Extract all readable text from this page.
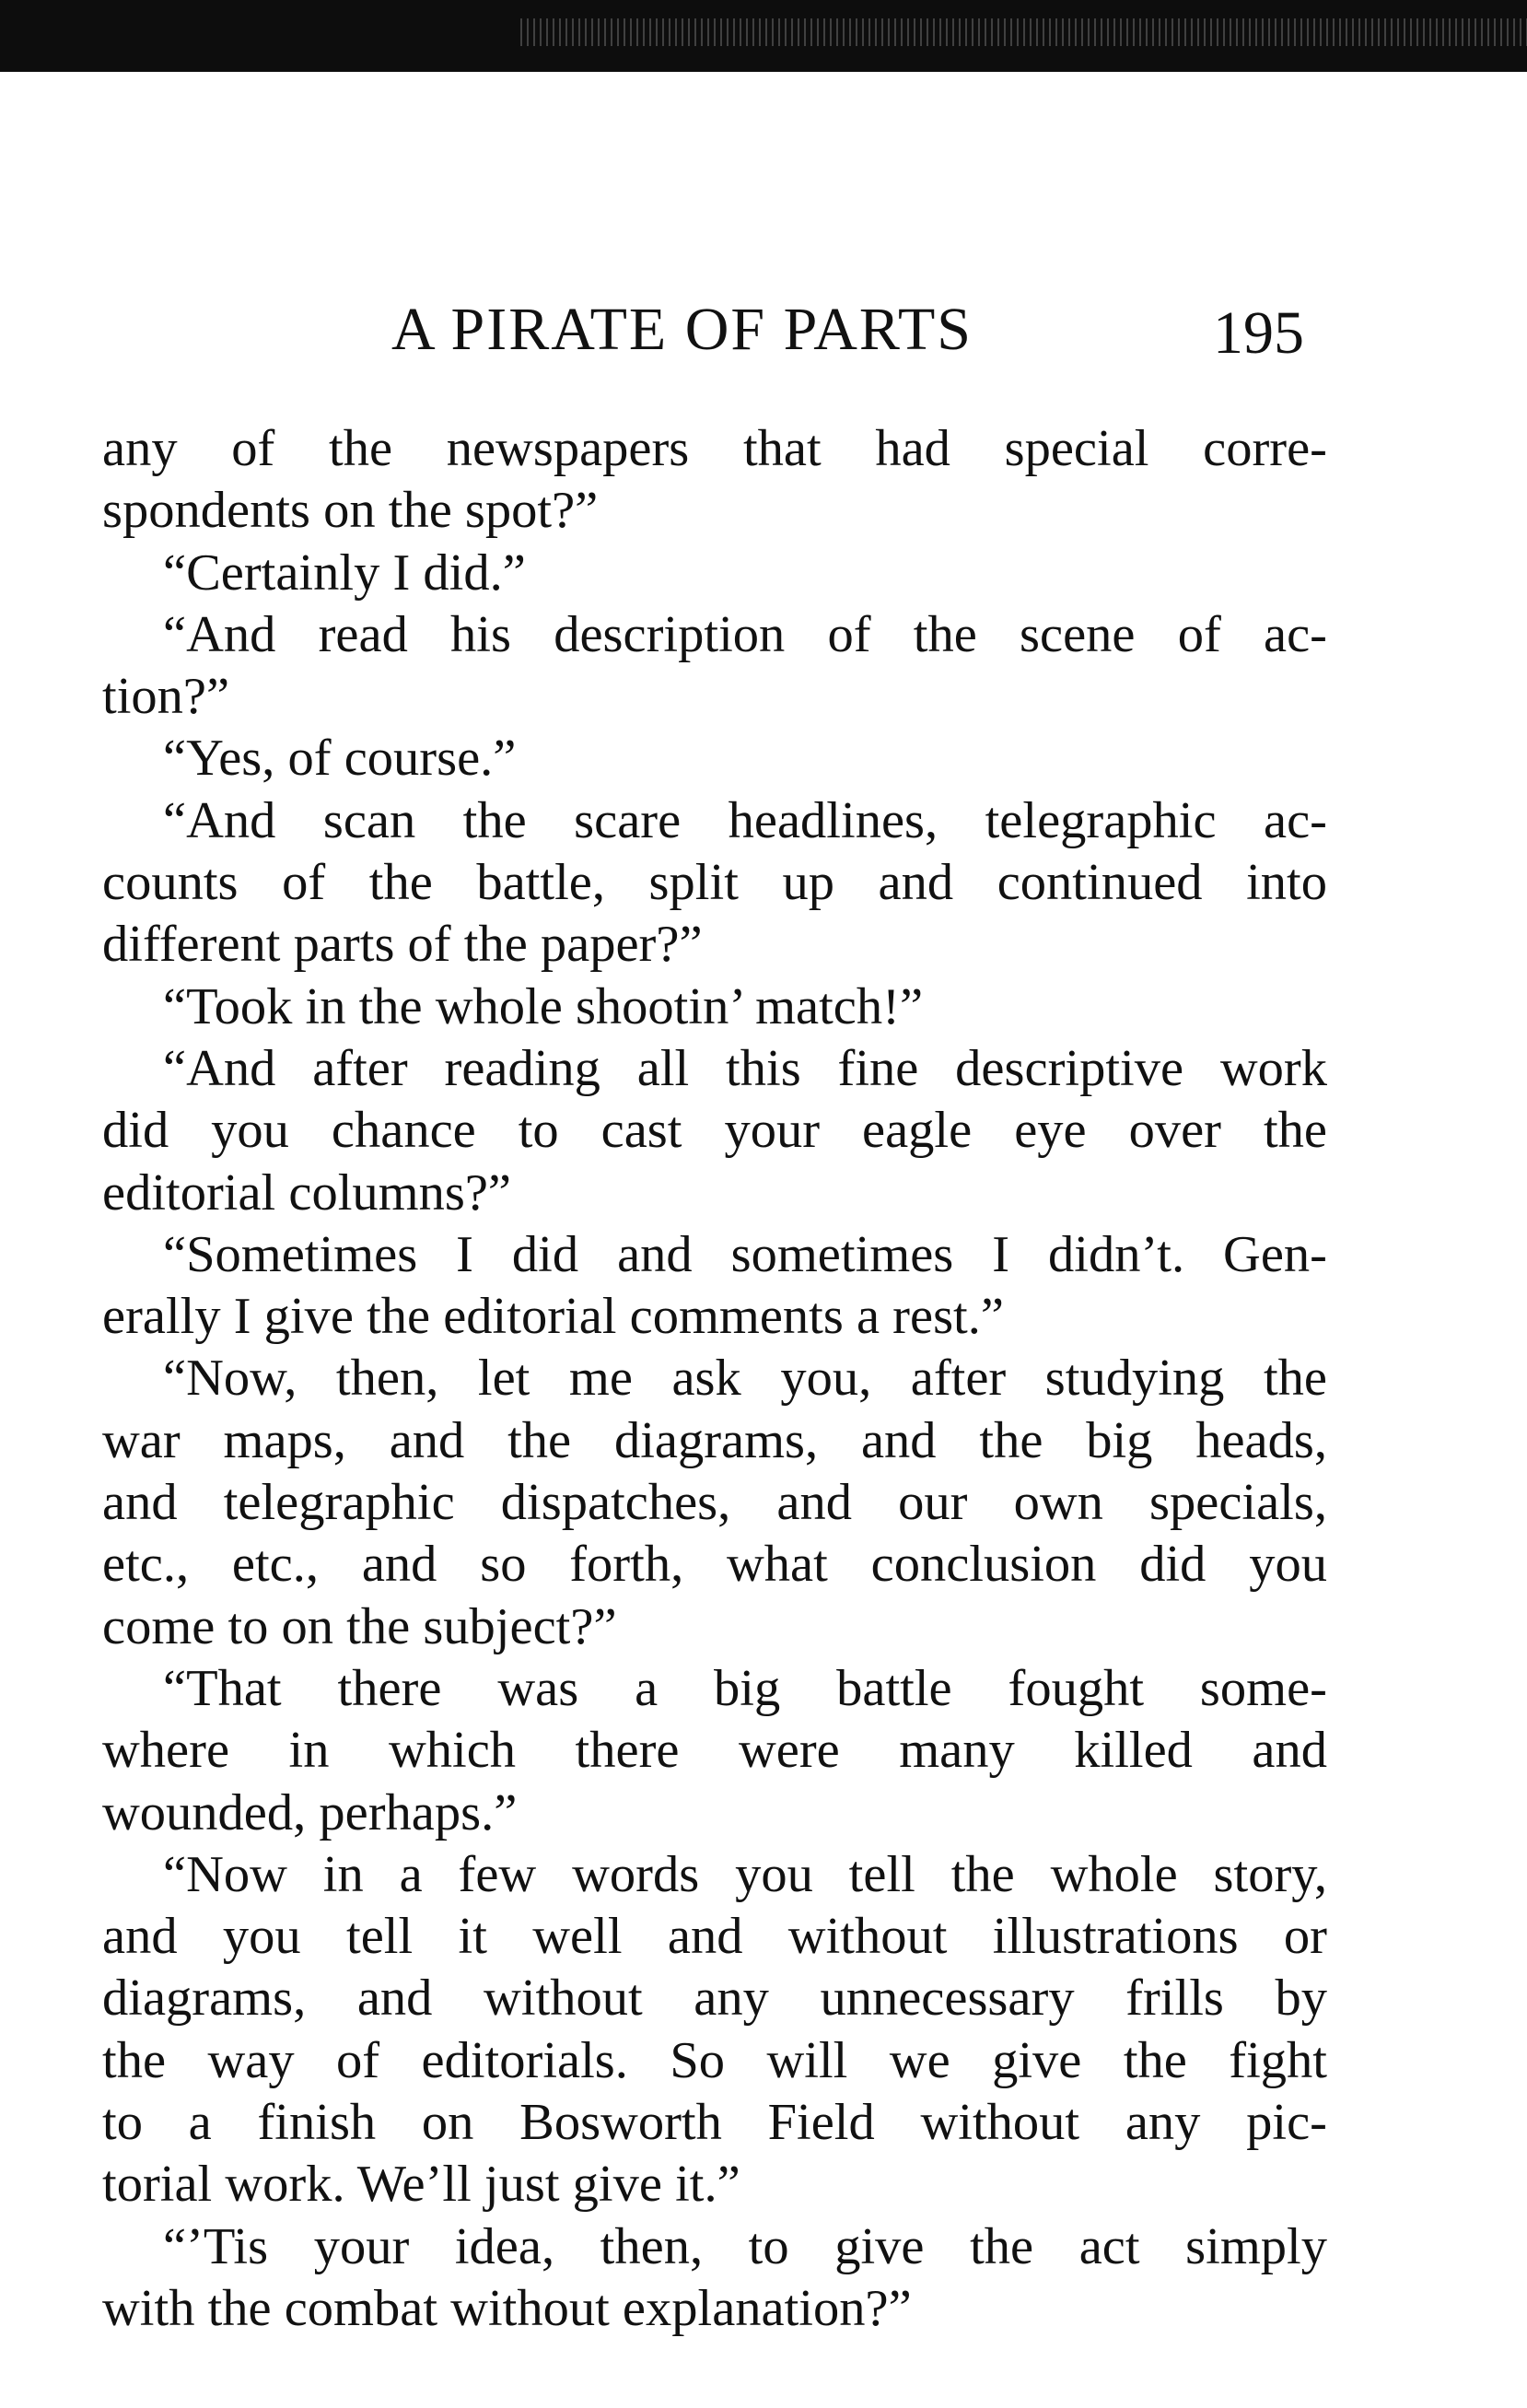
A PIRATE OF PARTS	195
any of the newspapers that had special corre-
spondents on the spot?”
“Certainly I did.”
“And read his description of the scene of ac-
tion?”
“Yes, of course.”
“And scan the scare headlines, telegraphic ac-
counts of the battle, split up and continued into
different parts of the paper?”
“Took in the whole shootin’ match!”
“And after reading all this fine descriptive work
did you chance to cast your eagle eye over the
editorial columns?”
“Sometimes I did and sometimes I didn’t. Gen-
erally I give the editorial comments a rest.”
“Now, then, let me ask you, after studying the
war maps, and the diagrams, and the big heads,
and telegraphic dispatches, and our own specials,
etc., etc., and so forth, what conclusion did you
come to on the subject?”
“That there was a big battle fought some-
where in which there were many killed and
wounded, perhaps.”
“Now in a few words you tell the whole story,
and you tell it well and without illustrations or
diagrams, and without any unnecessary frills by
the way of editorials. So will we give the fight
to a finish on Bosworth Field without any pic-
torial work. We’ll just give it.”
“’Tis your idea, then, to give the act simply
with the combat without explanation?”
